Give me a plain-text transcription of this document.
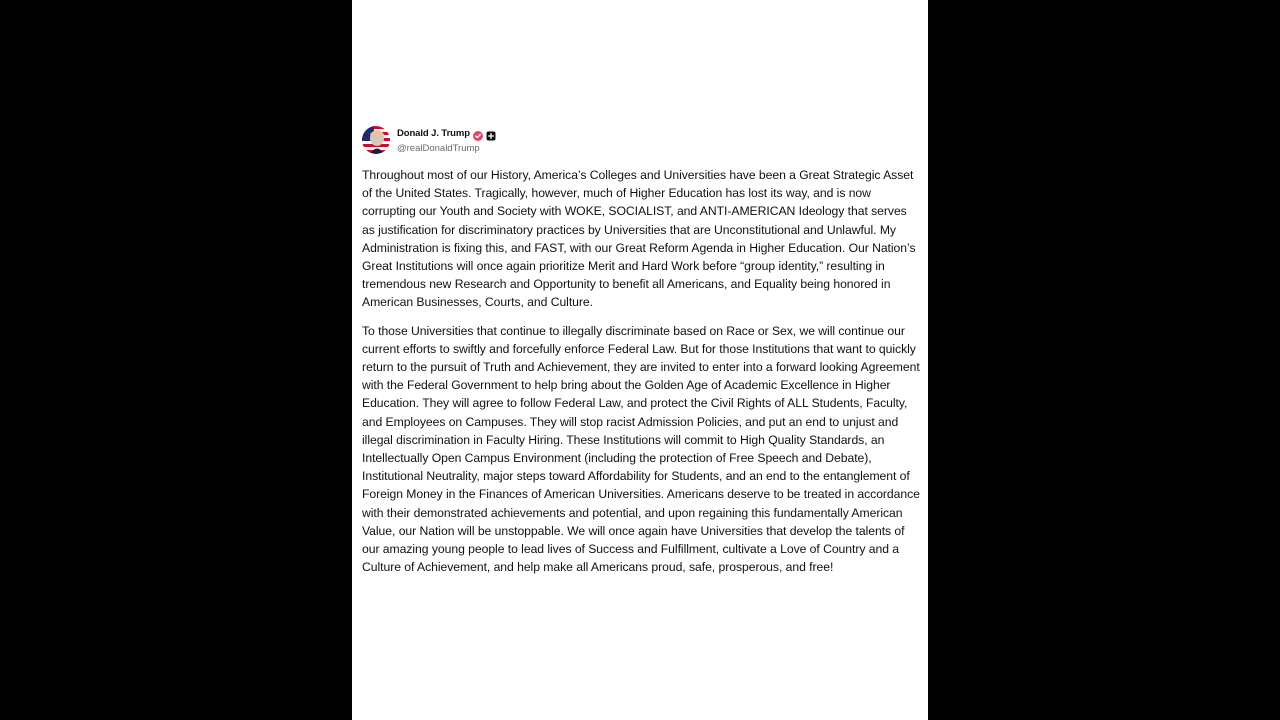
Donald J. Trump
@realDonaldTrump

Throughout most of our History, America’s Colleges and Universities have been a Great Strategic Asset of the United States. Tragically, however, much of Higher Education has lost its way, and is now corrupting our Youth and Society with WOKE, SOCIALIST, and ANTI-AMERICAN Ideology that serves as justification for discriminatory practices by Universities that are Unconstitutional and Unlawful. My Administration is fixing this, and FAST, with our Great Reform Agenda in Higher Education. Our Nation’s Great Institutions will once again prioritize Merit and Hard Work before “group identity,” resulting in tremendous new Research and Opportunity to benefit all Americans, and Equality being honored in American Businesses, Courts, and Culture.

To those Universities that continue to illegally discriminate based on Race or Sex, we will continue our current efforts to swiftly and forcefully enforce Federal Law. But for those Institutions that want to quickly return to the pursuit of Truth and Achievement, they are invited to enter into a forward looking Agreement with the Federal Government to help bring about the Golden Age of Academic Excellence in Higher Education. They will agree to follow Federal Law, and protect the Civil Rights of ALL Students, Faculty, and Employees on Campuses. They will stop racist Admission Policies, and put an end to unjust and illegal discrimination in Faculty Hiring. These Institutions will commit to High Quality Standards, an Intellectually Open Campus Environment (including the protection of Free Speech and Debate), Institutional Neutrality, major steps toward Affordability for Students, and an end to the entanglement of Foreign Money in the Finances of American Universities. Americans deserve to be treated in accordance with their demonstrated achievements and potential, and upon regaining this fundamentally American Value, our Nation will be unstoppable. We will once again have Universities that develop the talents of our amazing young people to lead lives of Success and Fulfillment, cultivate a Love of Country and a Culture of Achievement, and help make all Americans proud, safe, prosperous, and free!
